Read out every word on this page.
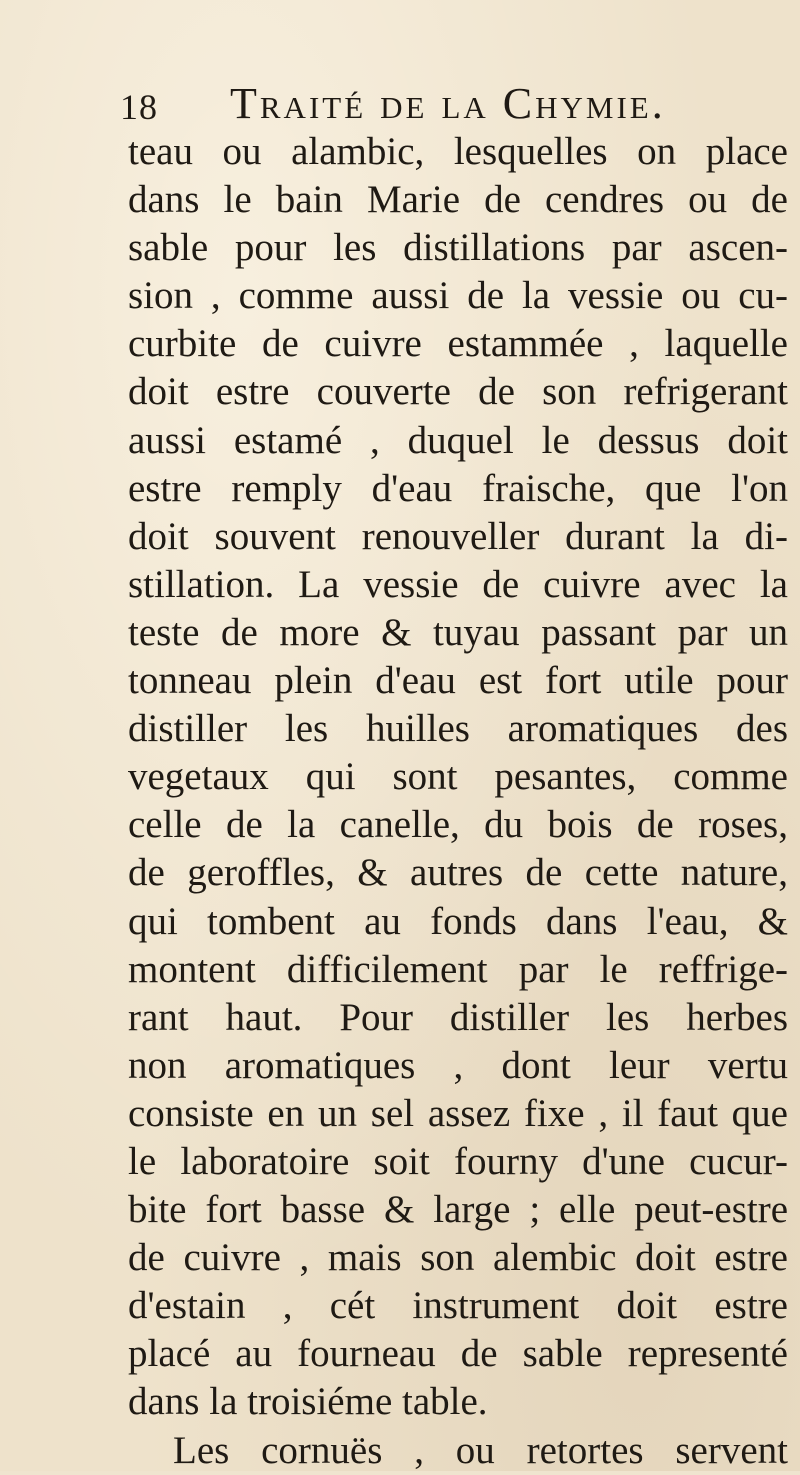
18 Traité de la Chymie.
teau ou alambic, lesquelles on place
dans le bain Marie de cendres ou de
sable pour les distillations par ascen-
sion , comme aussi de la vessie ou cu-
curbite de cuivre estammée , laquelle
doit estre couverte de son refrigerant
aussi estamé , duquel le dessus doit
estre remply d'eau fraische, que l'on
doit souvent renouveller durant la di-
stillation. La vessie de cuivre avec la
teste de more & tuyau passant par un
tonneau plein d'eau est fort utile pour
distiller les huilles aromatiques des
vegetaux qui sont pesantes, comme
celle de la canelle, du bois de roses,
de geroffles, & autres de cette nature,
qui tombent au fonds dans l'eau, &
montent difficilement par le reffrige-
rant haut. Pour distiller les herbes
non aromatiques , dont leur vertu
consiste en un sel assez fixe , il faut que
le laboratoire soit fourny d'une cucur-
bite fort basse & large ; elle peut-estre
de cuivre , mais son alembic doit estre
d'estain , cét instrument doit estre
placé au fourneau de sable representé
dans la troisiéme table.
Les cornuës , ou retortes servent
